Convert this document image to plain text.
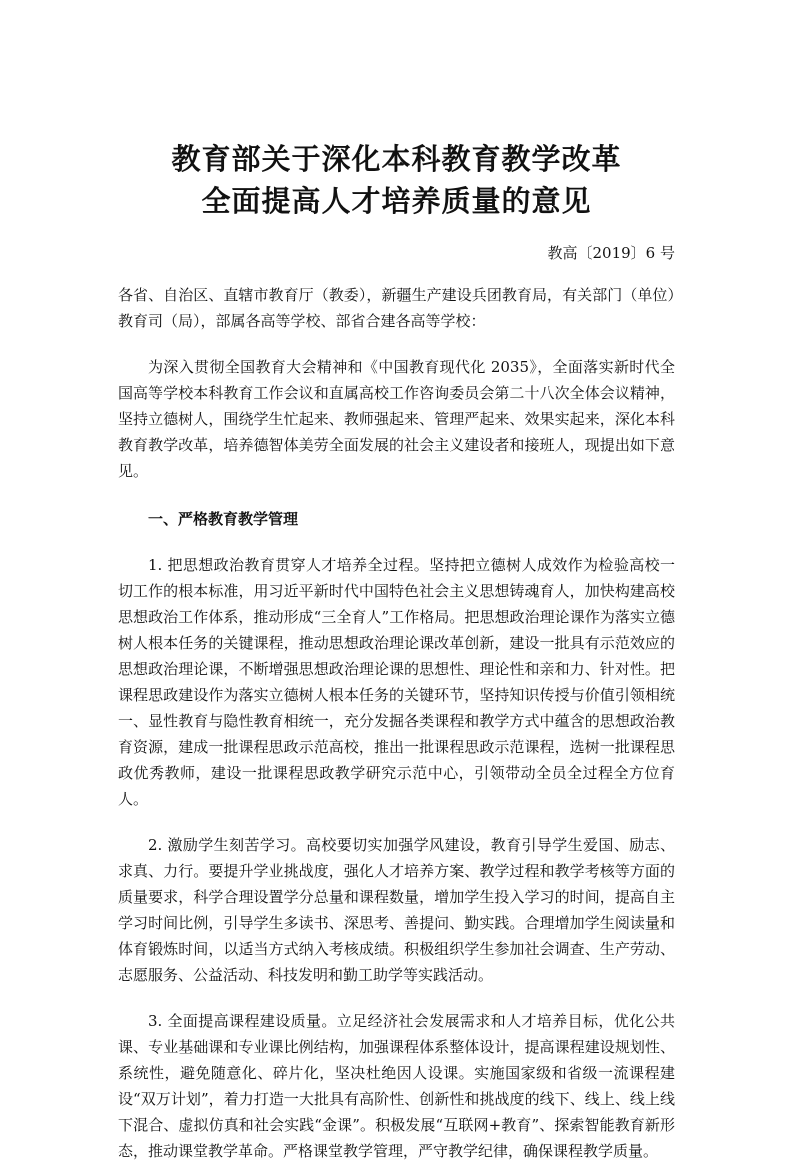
教育部关于深化本科教育教学改革
全面提高人才培养质量的意见

教高〔2019〕6 号

各省、自治区、直辖市教育厅（教委），新疆生产建设兵团教育局，有关部门（单位）教育司（局），部属各高等学校、部省合建各高等学校：

为深入贯彻全国教育大会精神和《中国教育现代化 2035》，全面落实新时代全国高等学校本科教育工作会议和直属高校工作咨询委员会第二十八次全体会议精神，坚持立德树人，围绕学生忙起来、教师强起来、管理严起来、效果实起来，深化本科教育教学改革，培养德智体美劳全面发展的社会主义建设者和接班人，现提出如下意见。

一、严格教育教学管理

1. 把思想政治教育贯穿人才培养全过程。坚持把立德树人成效作为检验高校一切工作的根本标准，用习近平新时代中国特色社会主义思想铸魂育人，加快构建高校思想政治工作体系，推动形成“三全育人”工作格局。把思想政治理论课作为落实立德树人根本任务的关键课程，推动思想政治理论课改革创新，建设一批具有示范效应的思想政治理论课，不断增强思想政治理论课的思想性、理论性和亲和力、针对性。把课程思政建设作为落实立德树人根本任务的关键环节，坚持知识传授与价值引领相统一、显性教育与隐性教育相统一，充分发掘各类课程和教学方式中蕴含的思想政治教育资源，建成一批课程思政示范高校，推出一批课程思政示范课程，选树一批课程思政优秀教师，建设一批课程思政教学研究示范中心，引领带动全员全过程全方位育人。

2. 激励学生刻苦学习。高校要切实加强学风建设，教育引导学生爱国、励志、求真、力行。要提升学业挑战度，强化人才培养方案、教学过程和教学考核等方面的质量要求，科学合理设置学分总量和课程数量，增加学生投入学习的时间，提高自主学习时间比例，引导学生多读书、深思考、善提问、勤实践。合理增加学生阅读量和体育锻炼时间，以适当方式纳入考核成绩。积极组织学生参加社会调查、生产劳动、志愿服务、公益活动、科技发明和勤工助学等实践活动。

3. 全面提高课程建设质量。立足经济社会发展需求和人才培养目标，优化公共课、专业基础课和专业课比例结构，加强课程体系整体设计，提高课程建设规划性、系统性，避免随意化、碎片化，坚决杜绝因人设课。实施国家级和省级一流课程建设“双万计划”，着力打造一大批具有高阶性、创新性和挑战度的线下、线上、线上线下混合、虚拟仿真和社会实践“金课”。积极发展“互联网+教育”、探索智能教育新形态，推动课堂教学革命。严格课堂教学管理，严守教学纪律，确保课程教学质量。
